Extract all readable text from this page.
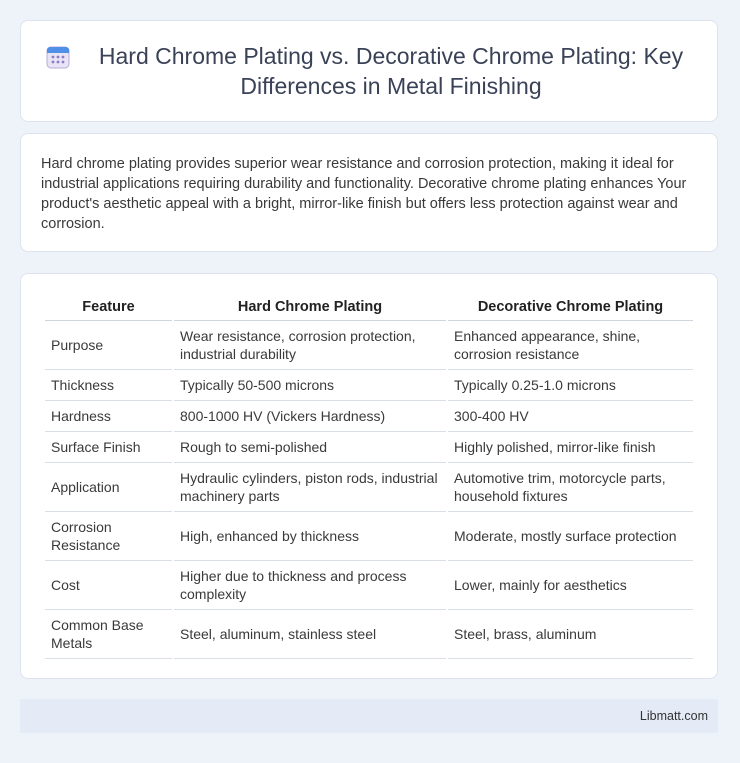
Hard Chrome Plating vs. Decorative Chrome Plating: Key Differences in Metal Finishing

Hard chrome plating provides superior wear resistance and corrosion protection, making it ideal for industrial applications requiring durability and functionality. Decorative chrome plating enhances Your product's aesthetic appeal with a bright, mirror-like finish but offers less protection against wear and corrosion.

Feature	Hard Chrome Plating	Decorative Chrome Plating
Purpose	Wear resistance, corrosion protection, industrial durability	Enhanced appearance, shine, corrosion resistance
Thickness	Typically 50-500 microns	Typically 0.25-1.0 microns
Hardness	800-1000 HV (Vickers Hardness)	300-400 HV
Surface Finish	Rough to semi-polished	Highly polished, mirror-like finish
Application	Hydraulic cylinders, piston rods, industrial machinery parts	Automotive trim, motorcycle parts, household fixtures
Corrosion Resistance	High, enhanced by thickness	Moderate, mostly surface protection
Cost	Higher due to thickness and process complexity	Lower, mainly for aesthetics
Common Base Metals	Steel, aluminum, stainless steel	Steel, brass, aluminum
Libmatt.com
